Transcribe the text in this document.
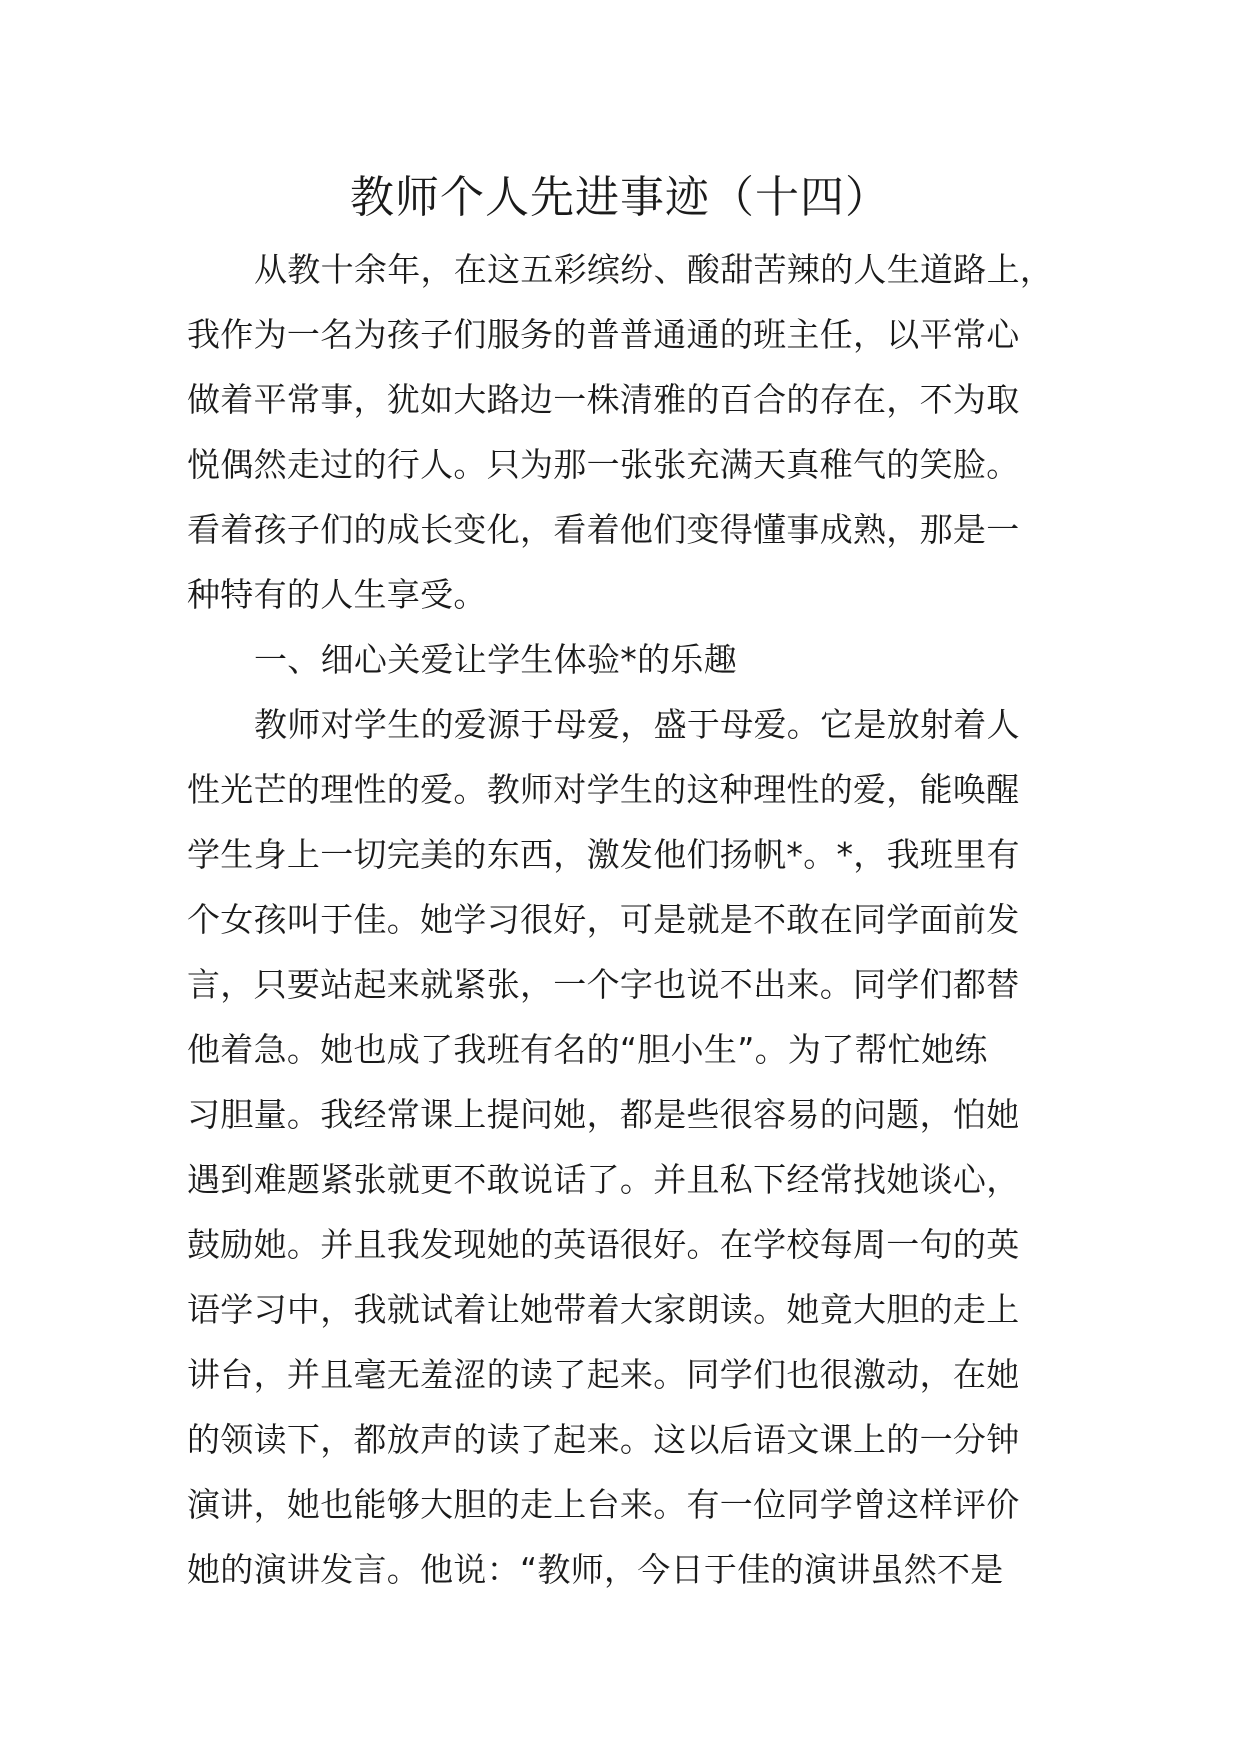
教师个人先进事迹（十四）
从教十余年，在这五彩缤纷、酸甜苦辣的人生道路上，
我作为一名为孩子们服务的普普通通的班主任，以平常心
做着平常事，犹如大路边一株清雅的百合的存在，不为取
悦偶然走过的行人。只为那一张张充满天真稚气的笑脸。
看着孩子们的成长变化，看着他们变得懂事成熟，那是一
种特有的人生享受。
一、细心关爱让学生体验*的乐趣
教师对学生的爱源于母爱，盛于母爱。它是放射着人
性光芒的理性的爱。教师对学生的这种理性的爱，能唤醒
学生身上一切完美的东西，激发他们扬帆*。*，我班里有
个女孩叫于佳。她学习很好，可是就是不敢在同学面前发
言，只要站起来就紧张，一个字也说不出来。同学们都替
他着急。她也成了我班有名的“胆小生”。为了帮忙她练
习胆量。我经常课上提问她，都是些很容易的问题，怕她
遇到难题紧张就更不敢说话了。并且私下经常找她谈心，
鼓励她。并且我发现她的英语很好。在学校每周一句的英
语学习中，我就试着让她带着大家朗读。她竟大胆的走上
讲台，并且毫无羞涩的读了起来。同学们也很激动，在她
的领读下，都放声的读了起来。这以后语文课上的一分钟
演讲，她也能够大胆的走上台来。有一位同学曾这样评价
她的演讲发言。他说：“教师，今日于佳的演讲虽然不是
